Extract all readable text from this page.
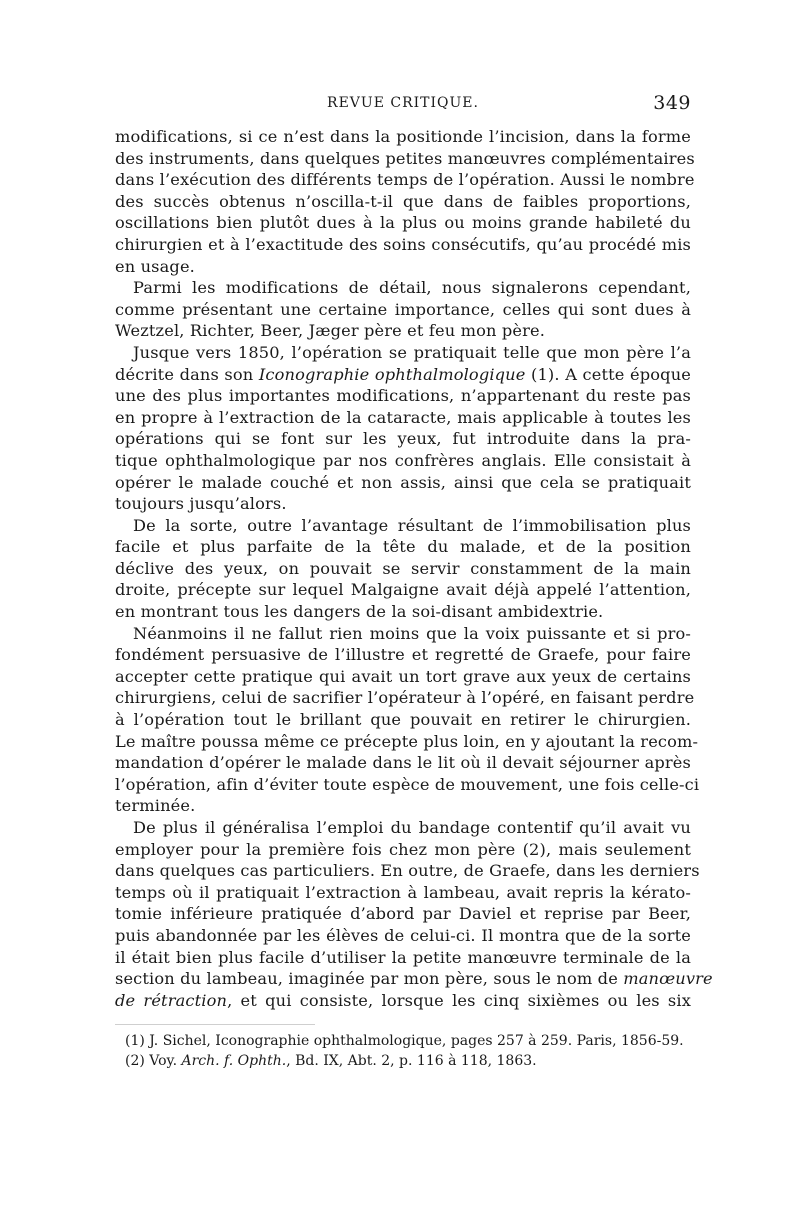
REVUE CRITIQUE.	349
modifications, si ce n’est dans la positionde l’incision, dans la forme
des instruments, dans quelques petites manœuvres complémentaires
dans l’exécution des différents temps de l’opération. Aussi le nombre
des succès obtenus n’oscilla-t-il que dans de faibles proportions,
oscillations bien plutôt dues à la plus ou moins grande habileté du
chirurgien et à l’exactitude des soins consécutifs, qu’au procédé mis
en usage.
Parmi les modifications de détail, nous signalerons cependant,
comme présentant une certaine importance, celles qui sont dues à
Weztzel, Richter, Beer, Jæger père et feu mon père.
Jusque vers 1850, l’opération se pratiquait telle que mon père l’a
décrite dans son Iconographie ophthalmologique (1). A cette époque
une des plus importantes modifications, n’appartenant du reste pas
en propre à l’extraction de la cataracte, mais applicable à toutes les
opérations qui se font sur les yeux, fut introduite dans la pra-
tique ophthalmologique par nos confrères anglais. Elle consistait à
opérer le malade couché et non assis, ainsi que cela se pratiquait
toujours jusqu’alors.
De la sorte, outre l’avantage résultant de l’immobilisation plus
facile et plus parfaite de la tête du malade, et de la position
déclive des yeux, on pouvait se servir constamment de la main
droite, précepte sur lequel Malgaigne avait déjà appelé l’attention,
en montrant tous les dangers de la soi-disant ambidextrie.
Néanmoins il ne fallut rien moins que la voix puissante et si pro-
fondément persuasive de l’illustre et regretté de Graefe, pour faire
accepter cette pratique qui avait un tort grave aux yeux de certains
chirurgiens, celui de sacrifier l’opérateur à l’opéré, en faisant perdre
à l’opération tout le brillant que pouvait en retirer le chirurgien.
Le maître poussa même ce précepte plus loin, en y ajoutant la recom-
mandation d’opérer le malade dans le lit où il devait séjourner après
l’opération, afin d’éviter toute espèce de mouvement, une fois celle-ci
terminée.
De plus il généralisa l’emploi du bandage contentif qu’il avait vu
employer pour la première fois chez mon père (2), mais seulement
dans quelques cas particuliers. En outre, de Graefe, dans les derniers
temps où il pratiquait l’extraction à lambeau, avait repris la kérato-
tomie inférieure pratiquée d’abord par Daviel et reprise par Beer,
puis abandonnée par les élèves de celui-ci. Il montra que de la sorte
il était bien plus facile d’utiliser la petite manœuvre terminale de la
section du lambeau, imaginée par mon père, sous le nom de manœuvre
de rétraction, et qui consiste, lorsque les cinq sixièmes ou les six
(1) J. Sichel, Iconographie ophthalmologique, pages 257 à 259. Paris, 1856-59.
(2) Voy. Arch. f. Ophth., Bd. IX, Abt. 2, p. 116 à 118, 1863.
